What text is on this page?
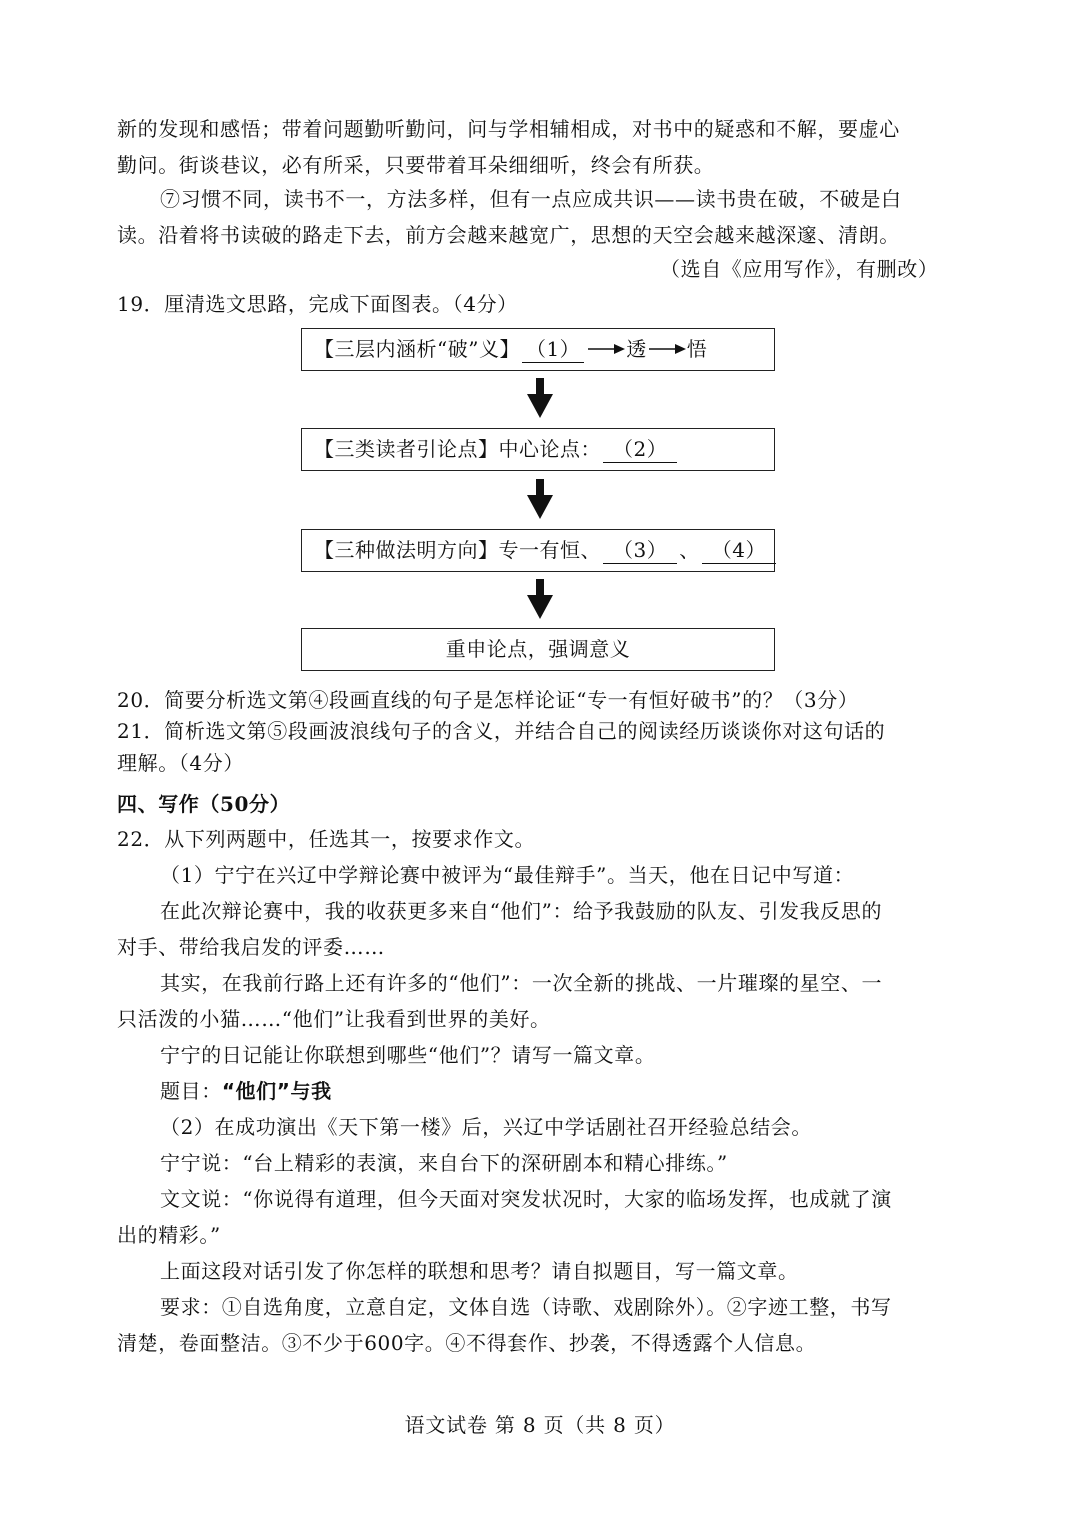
新的发现和感悟；带着问题勤听勤问，问与学相辅相成，对书中的疑惑和不解，要虚心
勤问。街谈巷议，必有所采，只要带着耳朵细细听，终会有所获。
⑦习惯不同，读书不一，方法多样，但有一点应成共识——读书贵在破，不破是白
读。沿着将书读破的路走下去，前方会越来越宽广，思想的天空会越来越深邃、清朗。
（选自《应用写作》，有删改）
19．厘清选文思路，完成下面图表。（4分）
【三层内涵析“破”义】 （1） 透 悟
【三类读者引论点】中心论点： （2）
【三种做法明方向】专一有恒、 （3） 、 （4）
重申论点，强调意义
20．简要分析选文第④段画直线的句子是怎样论证“专一有恒好破书”的？（3分）
21．简析选文第⑤段画波浪线句子的含义，并结合自己的阅读经历谈谈你对这句话的
理解。（4分）
四、写作（50分）
22．从下列两题中，任选其一，按要求作文。
（1）宁宁在兴辽中学辩论赛中被评为“最佳辩手”。当天，他在日记中写道：
在此次辩论赛中，我的收获更多来自“他们”：给予我鼓励的队友、引发我反思的
对手、带给我启发的评委……
其实，在我前行路上还有许多的“他们”：一次全新的挑战、一片璀璨的星空、一
只活泼的小猫……“他们”让我看到世界的美好。
宁宁的日记能让你联想到哪些“他们”？请写一篇文章。
题目：“他们”与我
（2）在成功演出《天下第一楼》后，兴辽中学话剧社召开经验总结会。
宁宁说：“台上精彩的表演，来自台下的深研剧本和精心排练。”
文文说：“你说得有道理，但今天面对突发状况时，大家的临场发挥，也成就了演
出的精彩。”
上面这段对话引发了你怎样的联想和思考？请自拟题目，写一篇文章。
要求：①自选角度，立意自定，文体自选（诗歌、戏剧除外）。②字迹工整，书写
清楚，卷面整洁。③不少于600字。④不得套作、抄袭，不得透露个人信息。
语文试卷 第 8 页（共 8 页）
